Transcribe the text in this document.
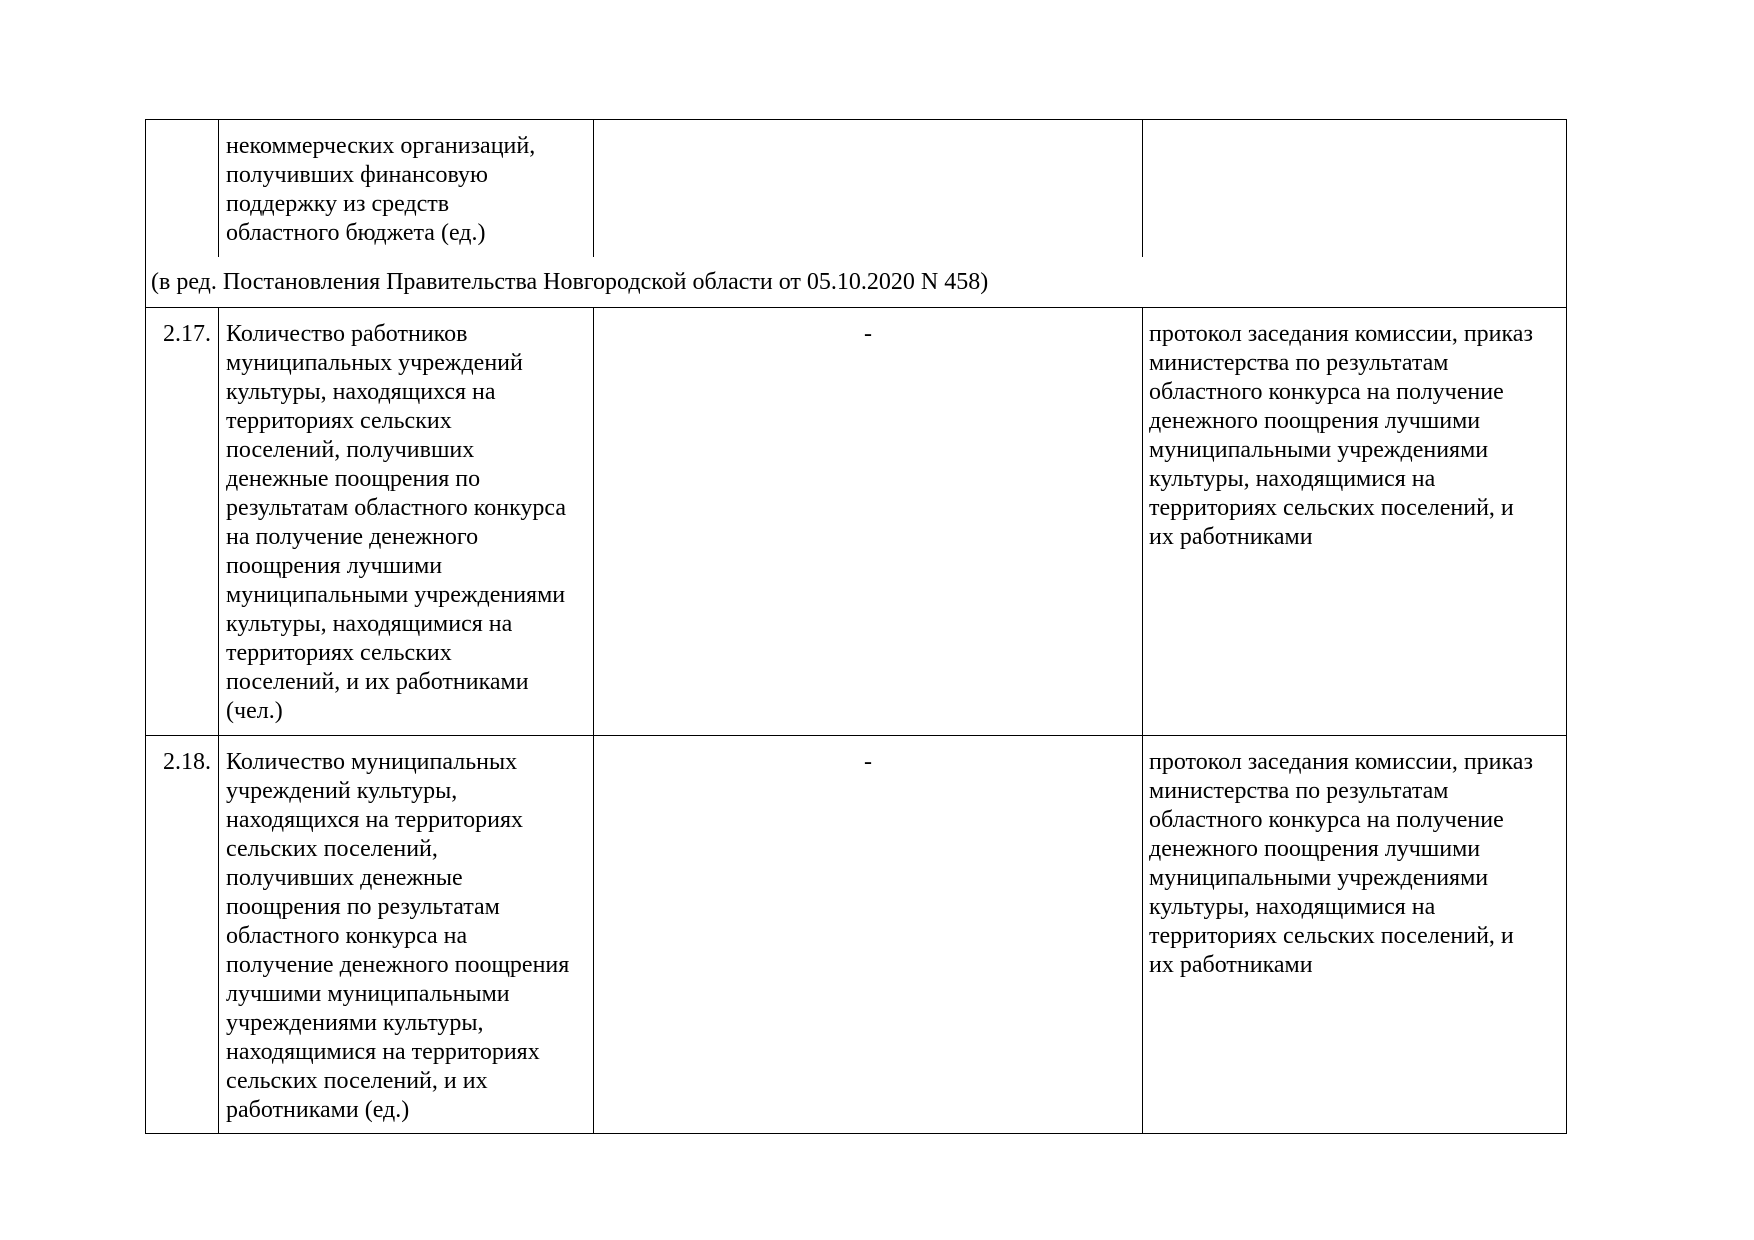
некоммерческих организаций,
получивших финансовую
поддержку из средств
областного бюджета (ед.)
(в ред. Постановления Правительства Новгородской области от 05.10.2020 N 458)
2.17. Количество работников
муниципальных учреждений
культуры, находящихся на
территориях сельских
поселений, получивших
денежные поощрения по
результатам областного конкурса
на получение денежного
поощрения лучшими
муниципальными учреждениями
культуры, находящимися на
территориях сельских
поселений, и их работниками
(чел.)
-	протокол заседания комиссии, приказ
министерства по результатам
областного конкурса на получение
денежного поощрения лучшими
муниципальными учреждениями
культуры, находящимися на
территориях сельских поселений, и
их работниками
2.18. Количество муниципальных
учреждений культуры,
находящихся на территориях
сельских поселений,
получивших денежные
поощрения по результатам
областного конкурса на
получение денежного поощрения
лучшими муниципальными
учреждениями культуры,
находящимися на территориях
сельских поселений, и их
работниками (ед.)
-	протокол заседания комиссии, приказ
министерства по результатам
областного конкурса на получение
денежного поощрения лучшими
муниципальными учреждениями
культуры, находящимися на
территориях сельских поселений, и
их работниками
